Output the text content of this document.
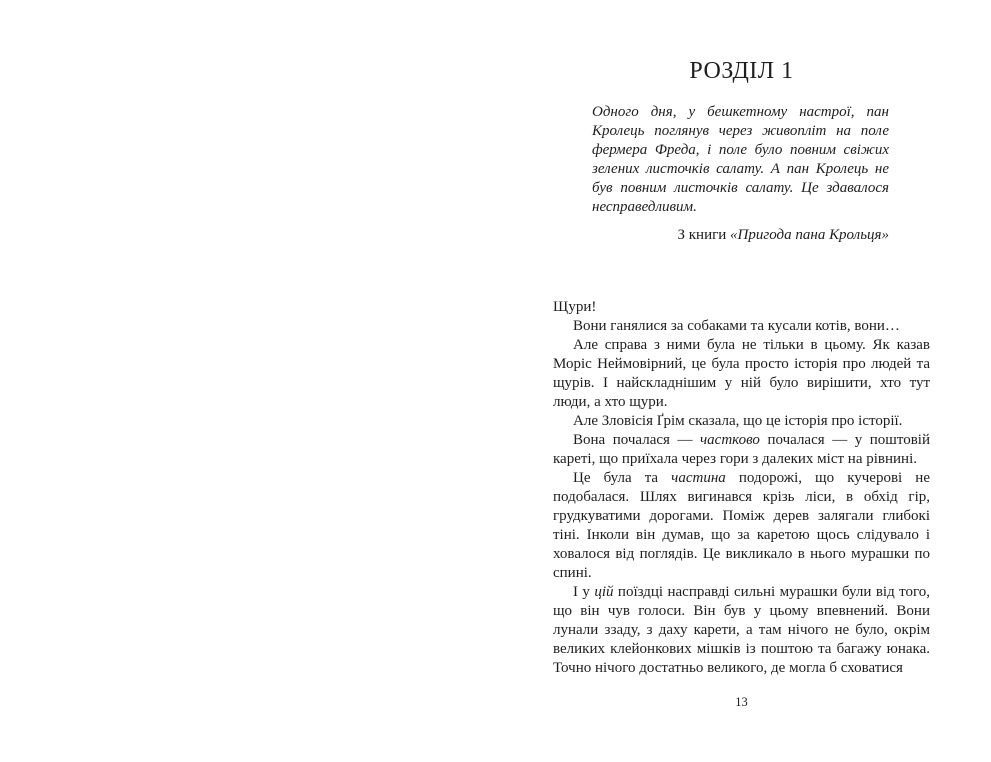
РОЗДІЛ 1
Одного дня, у бешкетному настрої, пан Кролець поглянув через живопліт на поле фермера Фреда, і поле було повним свіжих зелених листочків салату. А пан Кролець не був повним листочків салату. Це здавалося несправедливим.
З книги «Пригода пана Крольця»

Щури!

Вони ганялися за собаками та кусали котів, вони…

Але справа з ними була не тільки в цьому. Як казав Моріс Неймовірний, це була просто історія про людей та щурів. І найскладнішим у ній було вирішити, хто тут люди, а хто щури.

Але Зловісія Ґрім сказала, що це історія про історії.

Вона почалася — частково почалася — у поштовій кареті, що приїхала через гори з далеких міст на рівнині.

Це була та частина подорожі, що кучерові не подобалася. Шлях вигинався крізь ліси, в обхід гір, грудкуватими дорогами. Поміж дерев залягали глибокі тіні. Інколи він думав, що за каретою щось слідувало і ховалося від поглядів. Це викликало в нього мурашки по спині.

І у цій поїздці насправді сильні мурашки були від того, що він чув голоси. Він був у цьому впевнений. Вони лунали ззаду, з даху карети, а там нічого не було, окрім великих клейонкових мішків із поштою та багажу юнака. Точно нічого достатньо великого, де могла б сховатися

13
